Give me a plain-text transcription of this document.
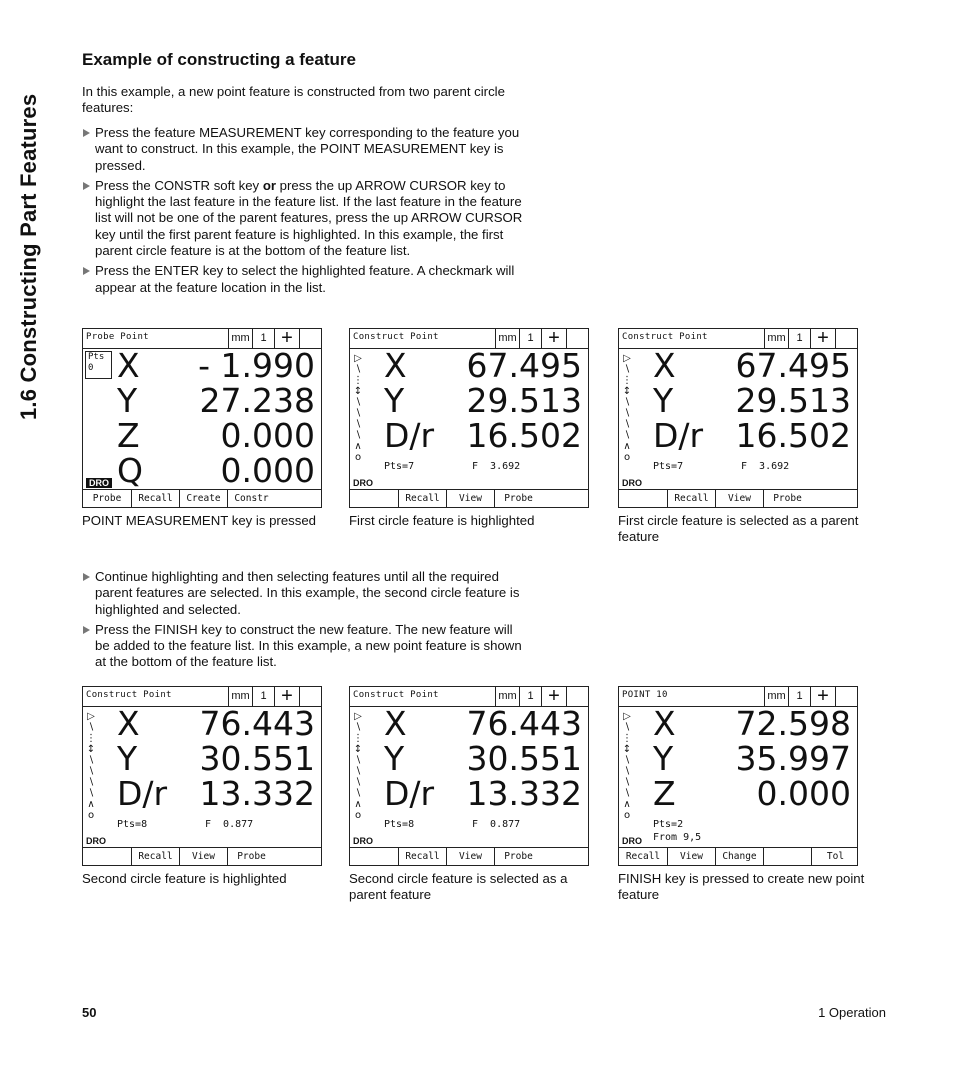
1.6 Constructing Part Features
Example of constructing a feature
In this example, a new point feature is constructed from two parent circle features:
Press the feature MEASUREMENT key corresponding to the feature you want to construct. In this example, the POINT MEASUREMENT key is pressed.
Press the CONSTR soft key or press the up ARROW CURSOR key to highlight the last feature in the feature list. If the last feature in the feature list will not be one of the parent features, press the up ARROW CURSOR key until the first parent feature is highlighted. In this example, the first parent circle feature is at the bottom of the feature list.
Press the ENTER key to select the highlighted feature. A checkmark will appear at the feature location in the list.
Continue highlighting and then selecting features until all the required parent features are selected. In this example, the second circle feature is highlighted and selected.
Press the FINISH key to construct the new feature. The new feature will be added to the feature list. In this example, a new point feature is shown at the bottom of the feature list.
Probe Point	mm 1 +
Pts
0 X - 1.990
Y 27.238
Z 0.000
Q 0.000
DRO
Probe	Recall	Create	Constr
POINT MEASUREMENT key is pressed
Construct Point	mm 1 +
▷
∖
⋮
↕
∖
∖
∖
∖
∧
o
X 67.495
Y 29.513
D/r 16.502
Pts=7	F  3.692
DRO
Recall	View	Probe
First circle feature is highlighted
Construct Point	mm 1 +
▷
∖
⋮
↕
∖
∖
∖
∖
∧
o
X 67.495
Y 29.513
D/r 16.502
Pts=7	F  3.692
DRO
Recall	View	Probe
First circle feature is selected as a parent feature
Construct Point	mm 1 +
▷
∖
⋮
↕
∖
∖
∖
∖
∧
o
X 76.443
Y 30.551
D/r 13.332
Pts=8	F  0.877
DRO
Recall	View	Probe
Second circle feature is highlighted
Construct Point	mm 1 +
▷
∖
⋮
↕
∖
∖
∖
∖
∧
o
X 76.443
Y 30.551
D/r 13.332
Pts=8	F  0.877
DRO
Recall	View	Probe
Second circle feature is selected as a parent feature
POINT 10	mm 1 +
▷
∖
⋮
↕
∖
∖
∖
∖
∧
o
X 72.598
Y 35.997
Z 0.000
Pts=2
From 9,5
DRO
Recall	View	Change	Tol
FINISH key is pressed to create new point feature
50	1 Operation
